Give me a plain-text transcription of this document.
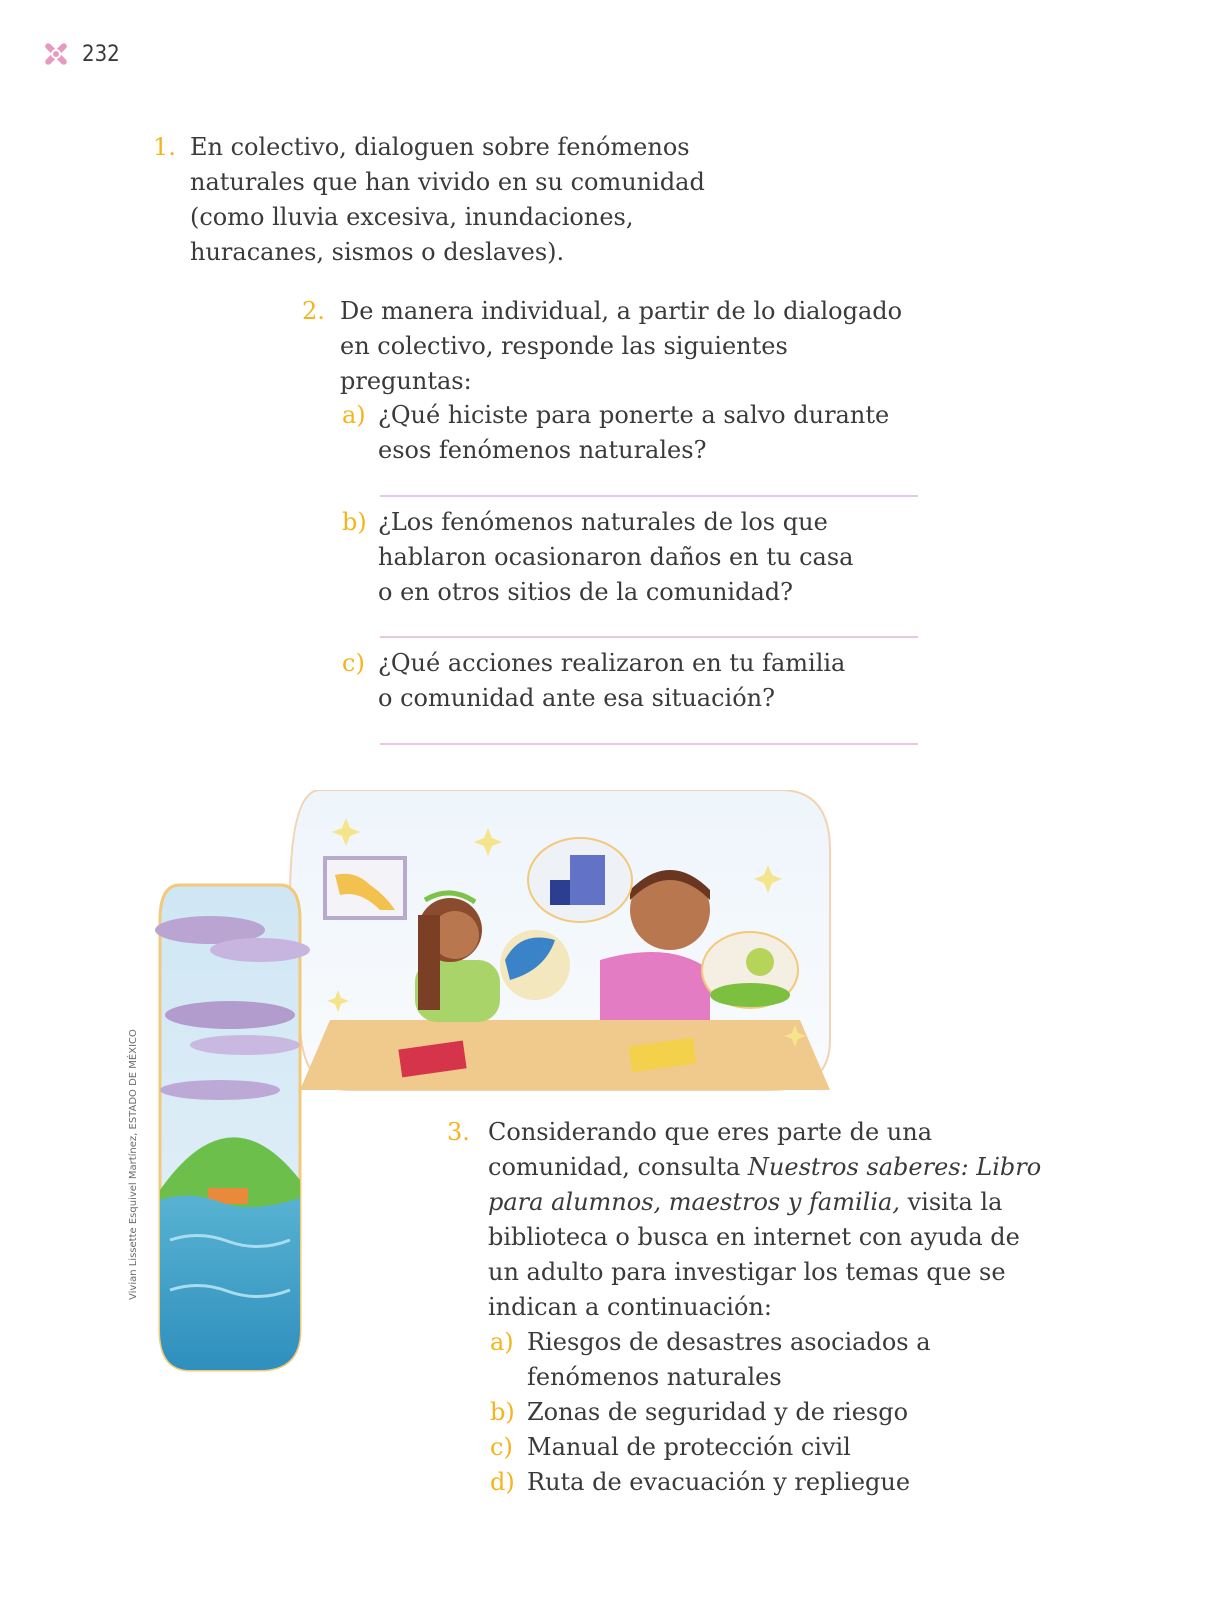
232
1. En colectivo, dialoguen sobre fenómenos
naturales que han vivido en su comunidad
(como lluvia excesiva, inundaciones,
huracanes, sismos o deslaves).
2. De manera individual, a partir de lo dialogado
en colectivo, responde las siguientes
preguntas:
a) ¿Qué hiciste para ponerte a salvo durante
esos fenómenos naturales?
b) ¿Los fenómenos naturales de los que
hablaron ocasionaron daños en tu casa
o en otros sitios de la comunidad?
c) ¿Qué acciones realizaron en tu familia
o comunidad ante esa situación?
Vivian Lissette Esquivel Martínez, ESTADO DE MÉXICO	3. Considerando que eres parte de una
comunidad, consulta Nuestros saberes: Libro
para alumnos, maestros y familia, visita la
biblioteca o busca en internet con ayuda de
un adulto para investigar los temas que se
indican a continuación:
a) Riesgos de desastres asociados a
fenómenos naturales
b) Zonas de seguridad y de riesgo
c) Manual de protección civil
d) Ruta de evacuación y repliegue
